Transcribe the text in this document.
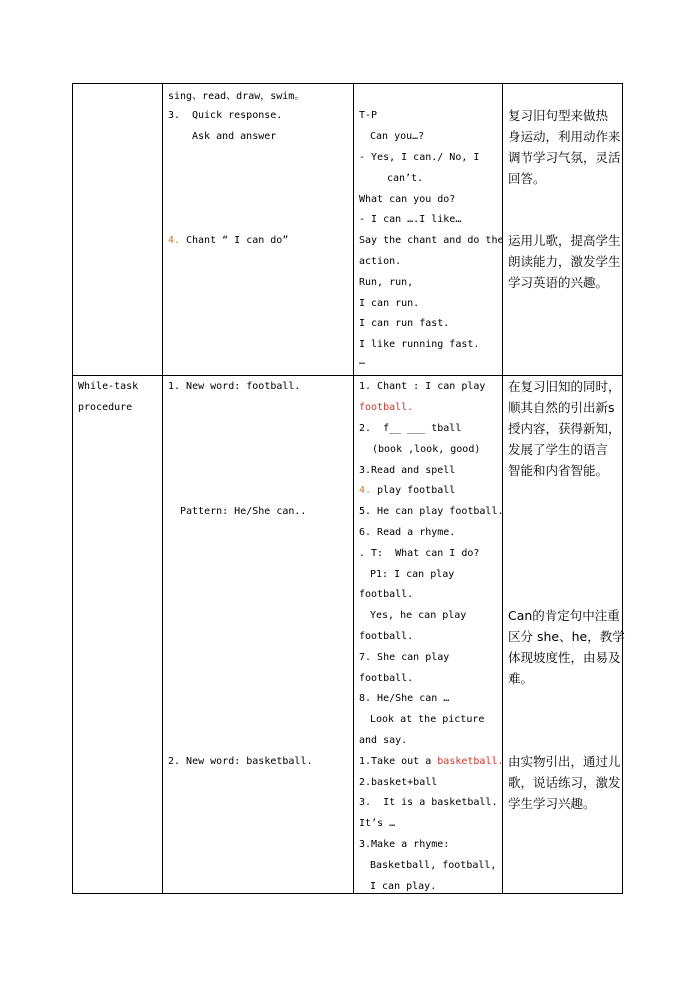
sing、read、draw，swim。
3. Quick response.
Ask and answer
4. Chant “ I can do”
T-P
Can you…?
- Yes, I can./ No, I
can’t.
What can you do?
- I can ….I like…
Say the chant and do the
action.
Run, run,
I can run.
I can run fast.
I like running fast.
…
复习旧句型来做热
身运动，利用动作来
调节学习气氛，灵活
回答。
运用儿歌，提高学生
朗读能力，激发学生
学习英语的兴趣。
While-task
procedure
1. New word: football.
Pattern: He/She can..
2. New word: basketball.
1. Chant : I can play
football.
2.  f__ ___ tball
(book ,look, good)
3.Read and spell
4. play football
5. He can play football.
6. Read a rhyme.
. T:  What can I do?
P1: I can play
football.
Yes, he can play
football.
7. She can play
football.
8. He/She can …
Look at the picture
and say.
1.Take out a basketball.
2.basket+ball
3.  It is a basketball.
It’s …
3.Make a rhyme:
Basketball, football,
I can play.
在复习旧知的同时，
顺其自然的引出新s
授内容，获得新知，
发展了学生的语言
智能和内省智能。
Can的肯定句中注重
区分 she、he，教学
体现坡度性，由易及
难。
由实物引出，通过儿
歌，说话练习，激发
学生学习兴趣。
